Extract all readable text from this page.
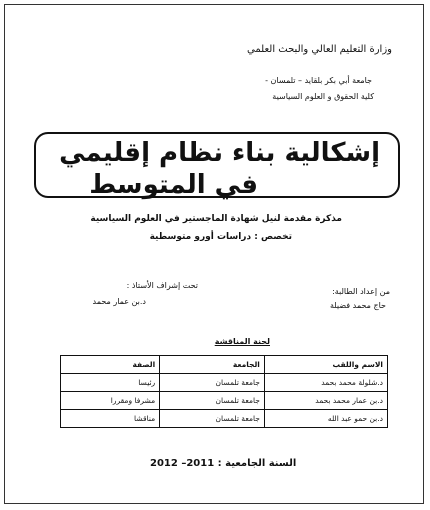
وزارة التعليم العالي والبحث العلمي
جامعة أبي بكر بلقايد – تلمسان -
كلية الحقوق و العلوم السياسية
إشكالية بناء نظام إقليمي
في المتوسط
مذكرة مقدمة لنيل شهادة الماجستير في العلوم السياسية
تخصص : دراسات أورو متوسطية
من إعداد الطالبة:
حاج محمد فضيلة
تحت إشراف الأستاذ :
د.بن عمار محمد
لجنة المناقشة
الاسم واللقب	الجامعة	الصفة
د.شلولة محمد بحمد	جامعة تلمسان	رئيسا
د.بن عمار محمد بحمد	جامعة تلمسان	مشرفا ومقررا
د.بن حمو عبد الله	جامعة تلمسان	مناقشا
السنة الجامعية : 2011– 2012
